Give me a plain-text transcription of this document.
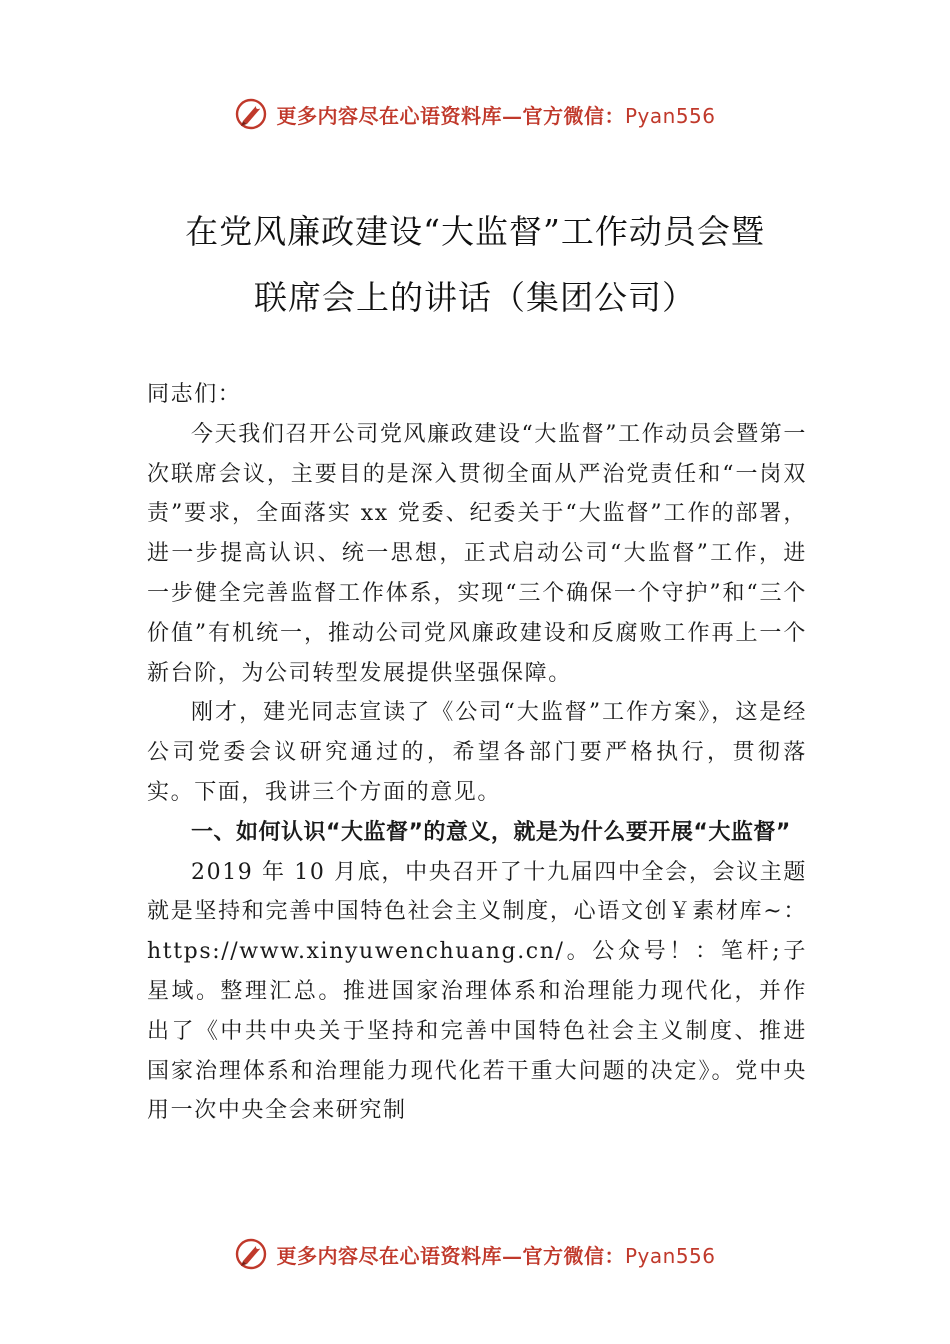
更多内容尽在心语资料库—官方微信：Pyan556
在党风廉政建设“大监督”工作动员会暨
联席会上的讲话（集团公司）

同志们：

今天我们召开公司党风廉政建设“大监督”工作动员会暨第一次联席会议，主要目的是深入贯彻全面从严治党责任和“一岗双责”要求，全面落实 xx 党委、纪委关于“大监督”工作的部署，进一步提高认识、统一思想，正式启动公司“大监督”工作，进一步健全完善监督工作体系，实现“三个确保一个守护”和“三个价值”有机统一，推动公司党风廉政建设和反腐败工作再上一个新台阶，为公司转型发展提供坚强保障。

刚才，建光同志宣读了《公司“大监督”工作方案》，这是经公司党委会议研究通过的，希望各部门要严格执行，贯彻落实。下面，我讲三个方面的意见。

一、如何认识“大监督”的意义，就是为什么要开展“大监督”

2019 年 10 月底，中央召开了十九届四中全会，会议主题就是坚持和完善中国特色社会主义制度，心语文创￥素材库~：https://www.xinyuwenchuang.cn/。公众号！：笔杆;子星域。整理汇总。推进国家治理体系和治理能力现代化，并作出了《中共中央关于坚持和完善中国特色社会主义制度、推进国家治理体系和治理能力现代化若干重大问题的决定》。党中央用一次中央全会来研究制

更多内容尽在心语资料库—官方微信：Pyan556
